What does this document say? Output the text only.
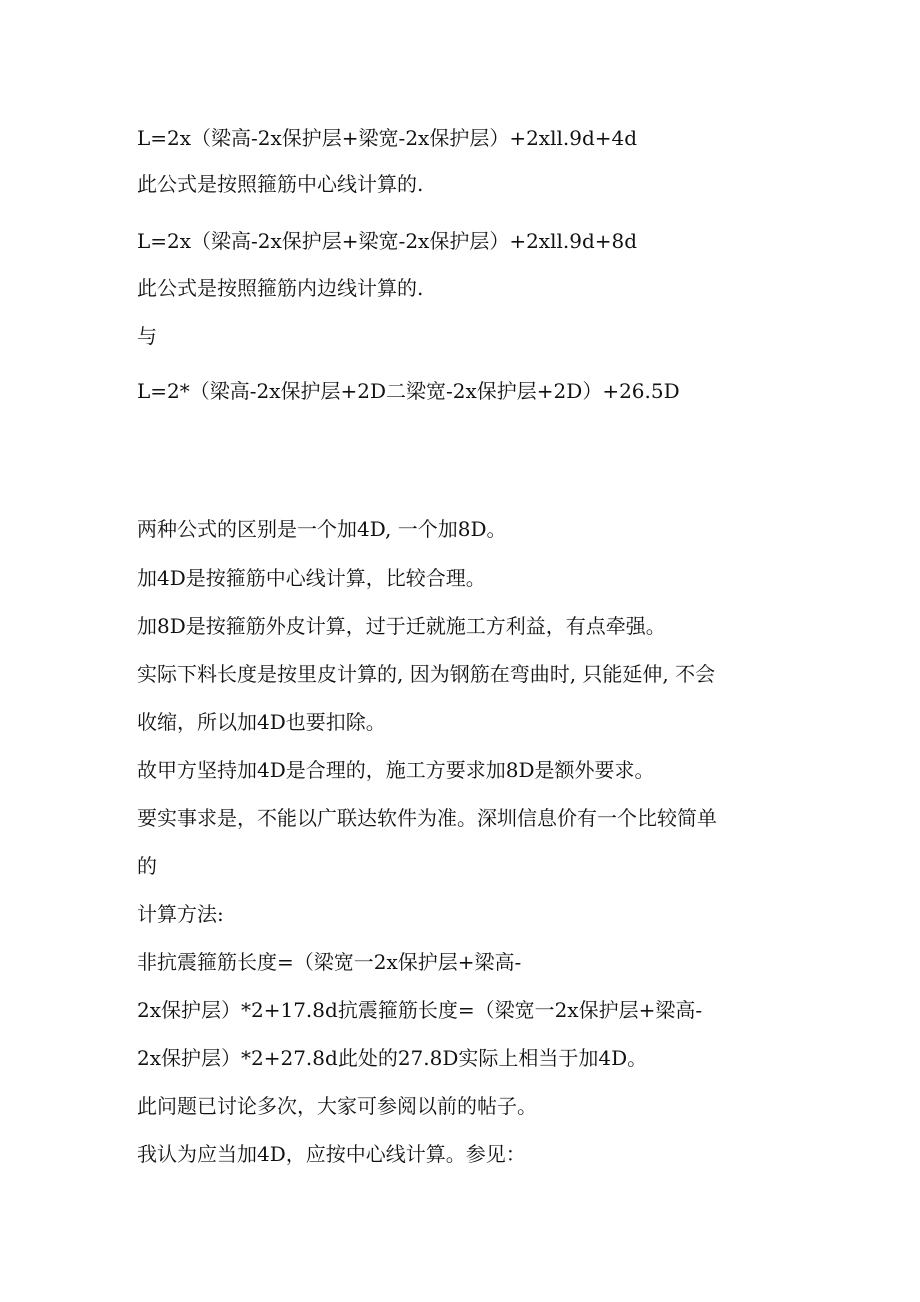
L=2x（梁高-2x保护层+梁宽-2x保护层）+2xll.9d+4d

此公式是按照箍筋中心线计算的.

L=2x（梁高-2x保护层+梁宽-2x保护层）+2xll.9d+8d

此公式是按照箍筋内边线计算的.

与

L=2*（梁高-2x保护层+2D二梁宽-2x保护层+2D）+26.5D

两种公式的区别是一个加4D, 一个加8D。

加4D是按箍筋中心线计算，比较合理。

加8D是按箍筋外皮计算，过于迁就施工方利益，有点牵强。

实际下料长度是按里皮计算的, 因为钢筋在弯曲时, 只能延伸, 不会

收缩，所以加4D也要扣除。

故甲方坚持加4D是合理的，施工方要求加8D是额外要求。

要实事求是，不能以广联达软件为准。深圳信息价有一个比较简单

的

计算方法:

非抗震箍筋长度=（梁宽一2x保护层+梁高-

2x保护层）*2+17.8d抗震箍筋长度=（梁宽一2x保护层+梁高-

2x保护层）*2+27.8d此处的27.8D实际上相当于加4D。

此问题已讨论多次，大家可参阅以前的帖子。

我认为应当加4D，应按中心线计算。参见：
